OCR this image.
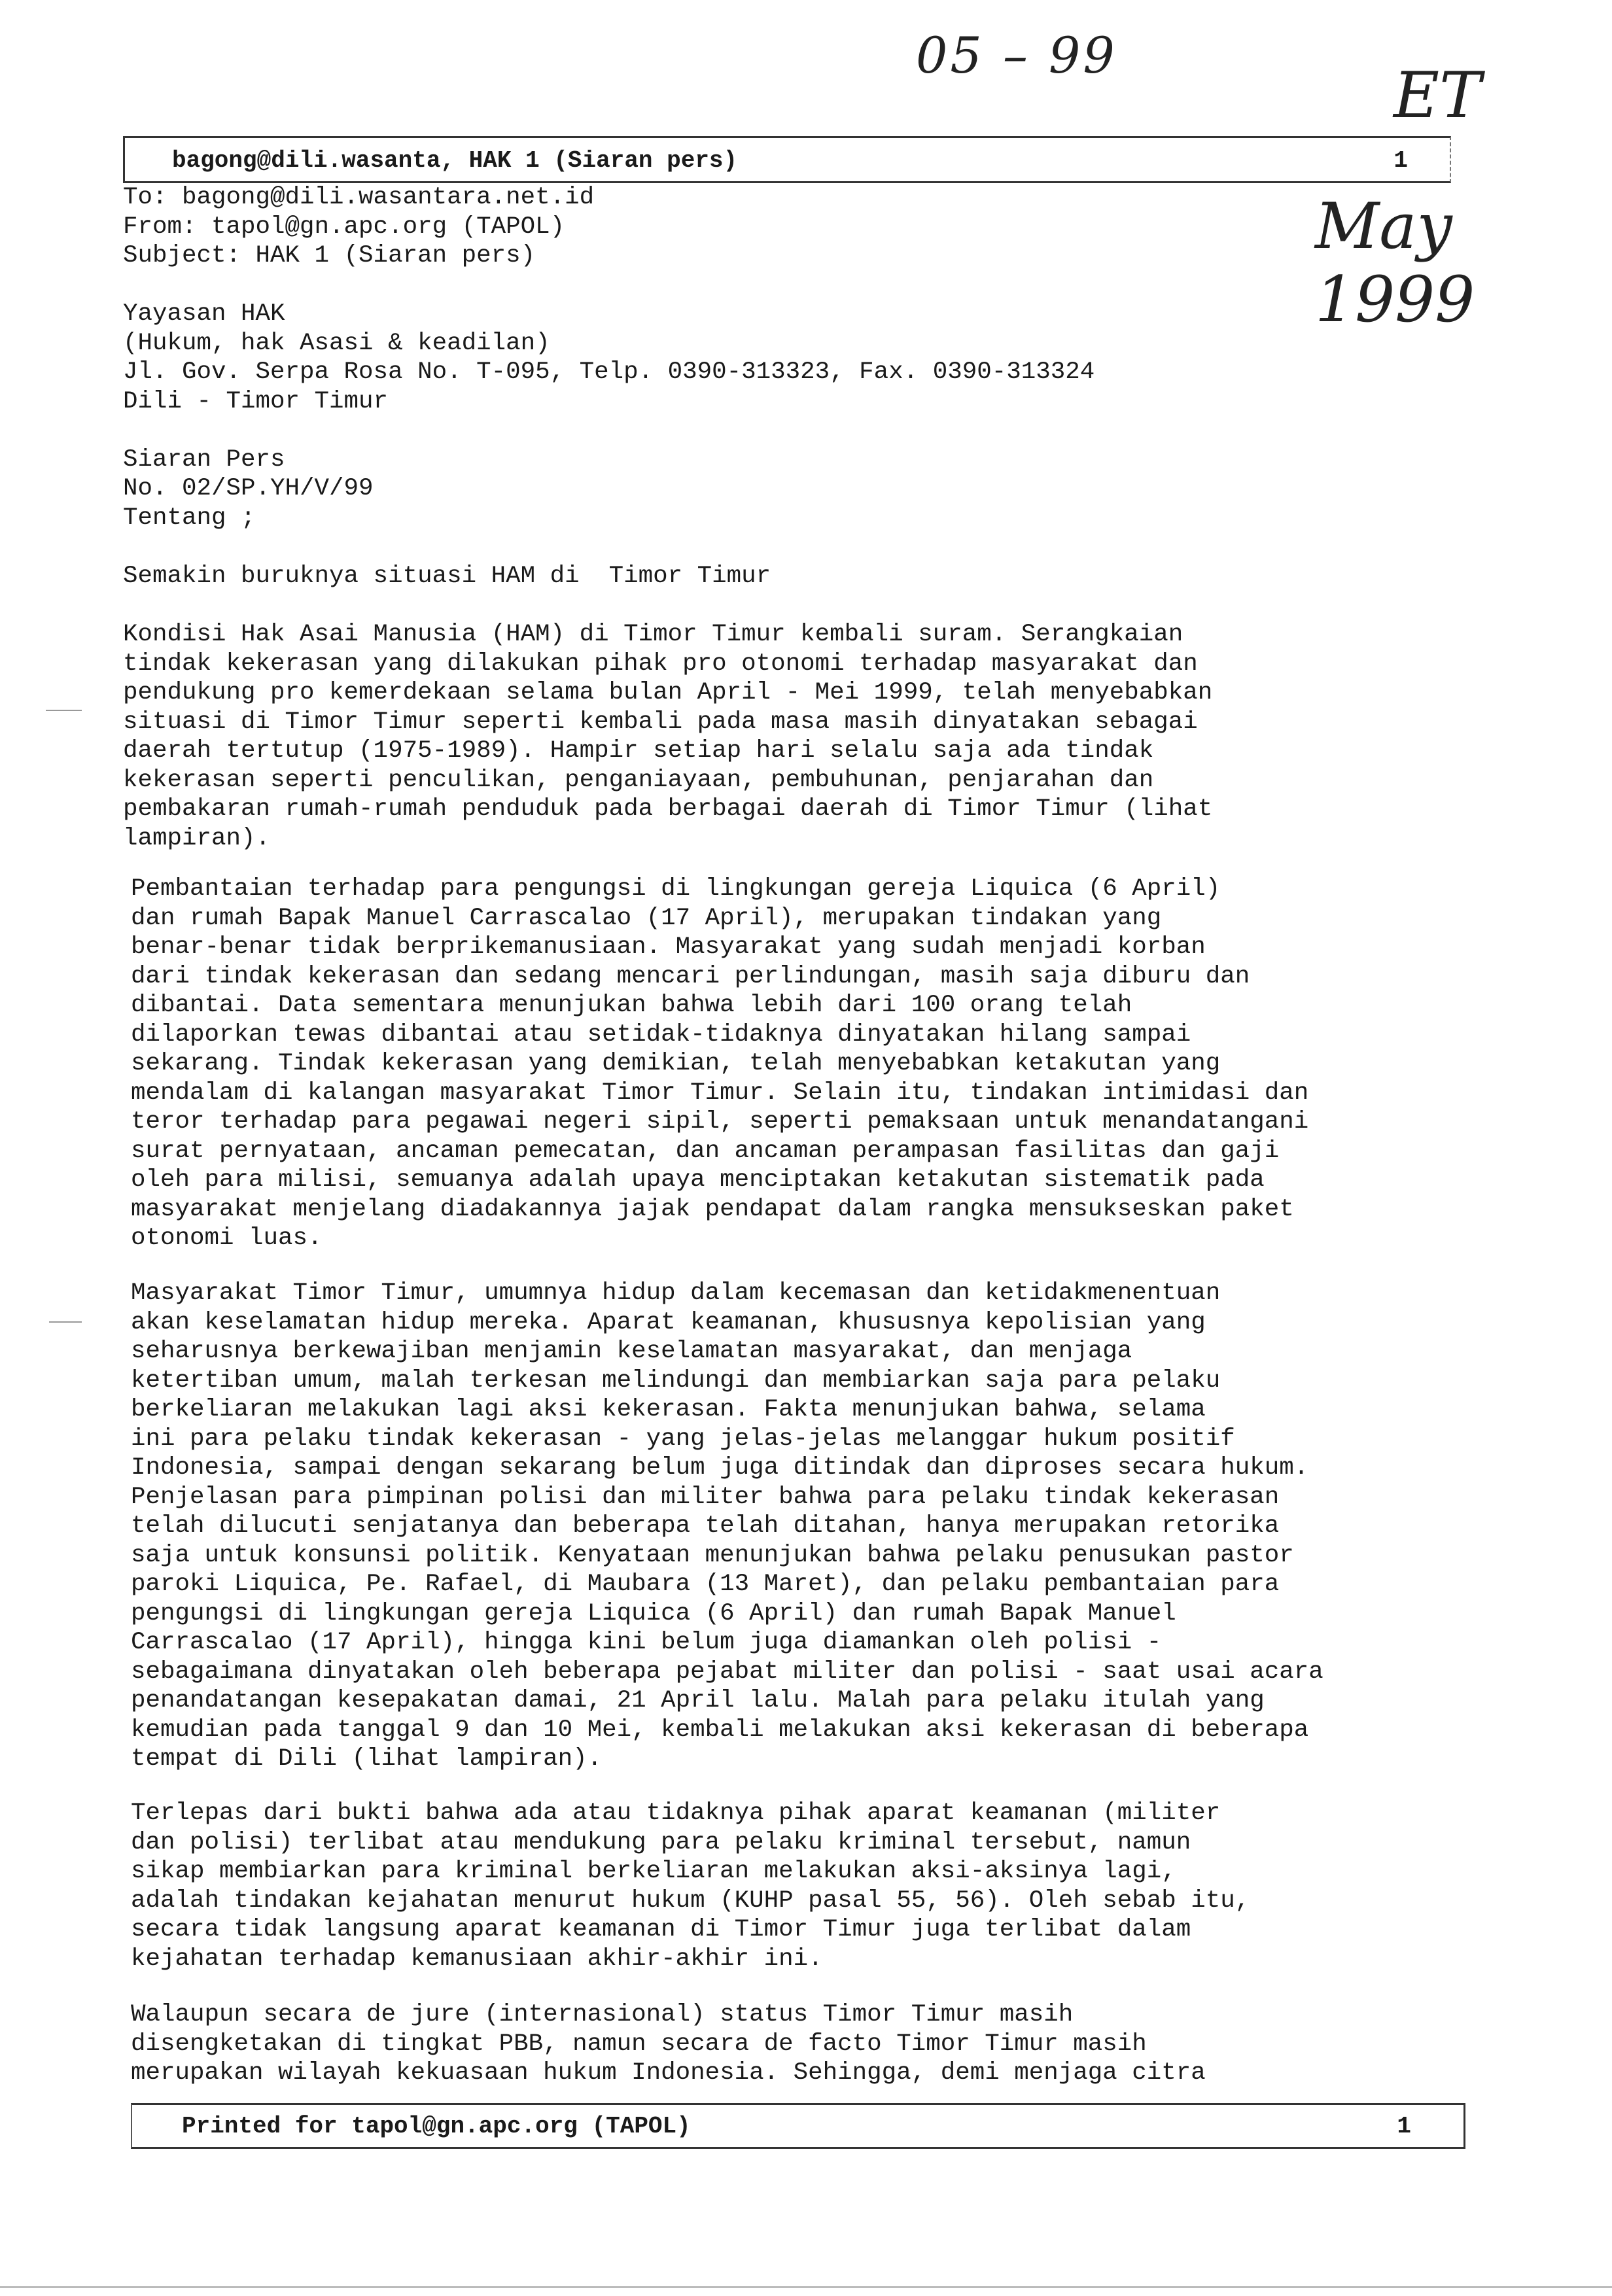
05 – 99
ET
May 1999
bagong@dili.wasanta, HAK 1 (Siaran pers)	1
To: bagong@dili.wasantara.net.id
From: tapol@gn.apc.org (TAPOL)
Subject: HAK 1 (Siaran pers)
Yayasan HAK
(Hukum, hak Asasi & keadilan)
Jl. Gov. Serpa Rosa No. T-095, Telp. 0390-313323, Fax. 0390-313324
Dili - Timor Timur
Siaran Pers
No. 02/SP.YH/V/99
Tentang ;
Semakin buruknya situasi HAM di  Timor Timur
Kondisi Hak Asai Manusia (HAM) di Timor Timur kembali suram. Serangkaian
tindak kekerasan yang dilakukan pihak pro otonomi terhadap masyarakat dan
pendukung pro kemerdekaan selama bulan April - Mei 1999, telah menyebabkan
situasi di Timor Timur seperti kembali pada masa masih dinyatakan sebagai
daerah tertutup (1975-1989). Hampir setiap hari selalu saja ada tindak
kekerasan seperti penculikan, penganiayaan, pembuhunan, penjarahan dan
pembakaran rumah-rumah penduduk pada berbagai daerah di Timor Timur (lihat
lampiran).
Pembantaian terhadap para pengungsi di lingkungan gereja Liquica (6 April)
dan rumah Bapak Manuel Carrascalao (17 April), merupakan tindakan yang
benar-benar tidak berprikemanusiaan. Masyarakat yang sudah menjadi korban
dari tindak kekerasan dan sedang mencari perlindungan, masih saja diburu dan
dibantai. Data sementara menunjukan bahwa lebih dari 100 orang telah
dilaporkan tewas dibantai atau setidak-tidaknya dinyatakan hilang sampai
sekarang. Tindak kekerasan yang demikian, telah menyebabkan ketakutan yang
mendalam di kalangan masyarakat Timor Timur. Selain itu, tindakan intimidasi dan
teror terhadap para pegawai negeri sipil, seperti pemaksaan untuk menandatangani
surat pernyataan, ancaman pemecatan, dan ancaman perampasan fasilitas dan gaji
oleh para milisi, semuanya adalah upaya menciptakan ketakutan sistematik pada
masyarakat menjelang diadakannya jajak pendapat dalam rangka mensukseskan paket
otonomi luas.
Masyarakat Timor Timur, umumnya hidup dalam kecemasan dan ketidakmenentuan
akan keselamatan hidup mereka. Aparat keamanan, khususnya kepolisian yang
seharusnya berkewajiban menjamin keselamatan masyarakat, dan menjaga
ketertiban umum, malah terkesan melindungi dan membiarkan saja para pelaku
berkeliaran melakukan lagi aksi kekerasan. Fakta menunjukan bahwa, selama
ini para pelaku tindak kekerasan - yang jelas-jelas melanggar hukum positif
Indonesia, sampai dengan sekarang belum juga ditindak dan diproses secara hukum.
Penjelasan para pimpinan polisi dan militer bahwa para pelaku tindak kekerasan
telah dilucuti senjatanya dan beberapa telah ditahan, hanya merupakan retorika
saja untuk konsunsi politik. Kenyataan menunjukan bahwa pelaku penusukan pastor
paroki Liquica, Pe. Rafael, di Maubara (13 Maret), dan pelaku pembantaian para
pengungsi di lingkungan gereja Liquica (6 April) dan rumah Bapak Manuel
Carrascalao (17 April), hingga kini belum juga diamankan oleh polisi -
sebagaimana dinyatakan oleh beberapa pejabat militer dan polisi - saat usai acara
penandatangan kesepakatan damai, 21 April lalu. Malah para pelaku itulah yang
kemudian pada tanggal 9 dan 10 Mei, kembali melakukan aksi kekerasan di beberapa
tempat di Dili (lihat lampiran).
Terlepas dari bukti bahwa ada atau tidaknya pihak aparat keamanan (militer
dan polisi) terlibat atau mendukung para pelaku kriminal tersebut, namun
sikap membiarkan para kriminal berkeliaran melakukan aksi-aksinya lagi,
adalah tindakan kejahatan menurut hukum (KUHP pasal 55, 56). Oleh sebab itu,
secara tidak langsung aparat keamanan di Timor Timur juga terlibat dalam
kejahatan terhadap kemanusiaan akhir-akhir ini.
Walaupun secara de jure (internasional) status Timor Timur masih
disengketakan di tingkat PBB, namun secara de facto Timor Timur masih
merupakan wilayah kekuasaan hukum Indonesia. Sehingga, demi menjaga citra
Printed for tapol@gn.apc.org (TAPOL)	1
